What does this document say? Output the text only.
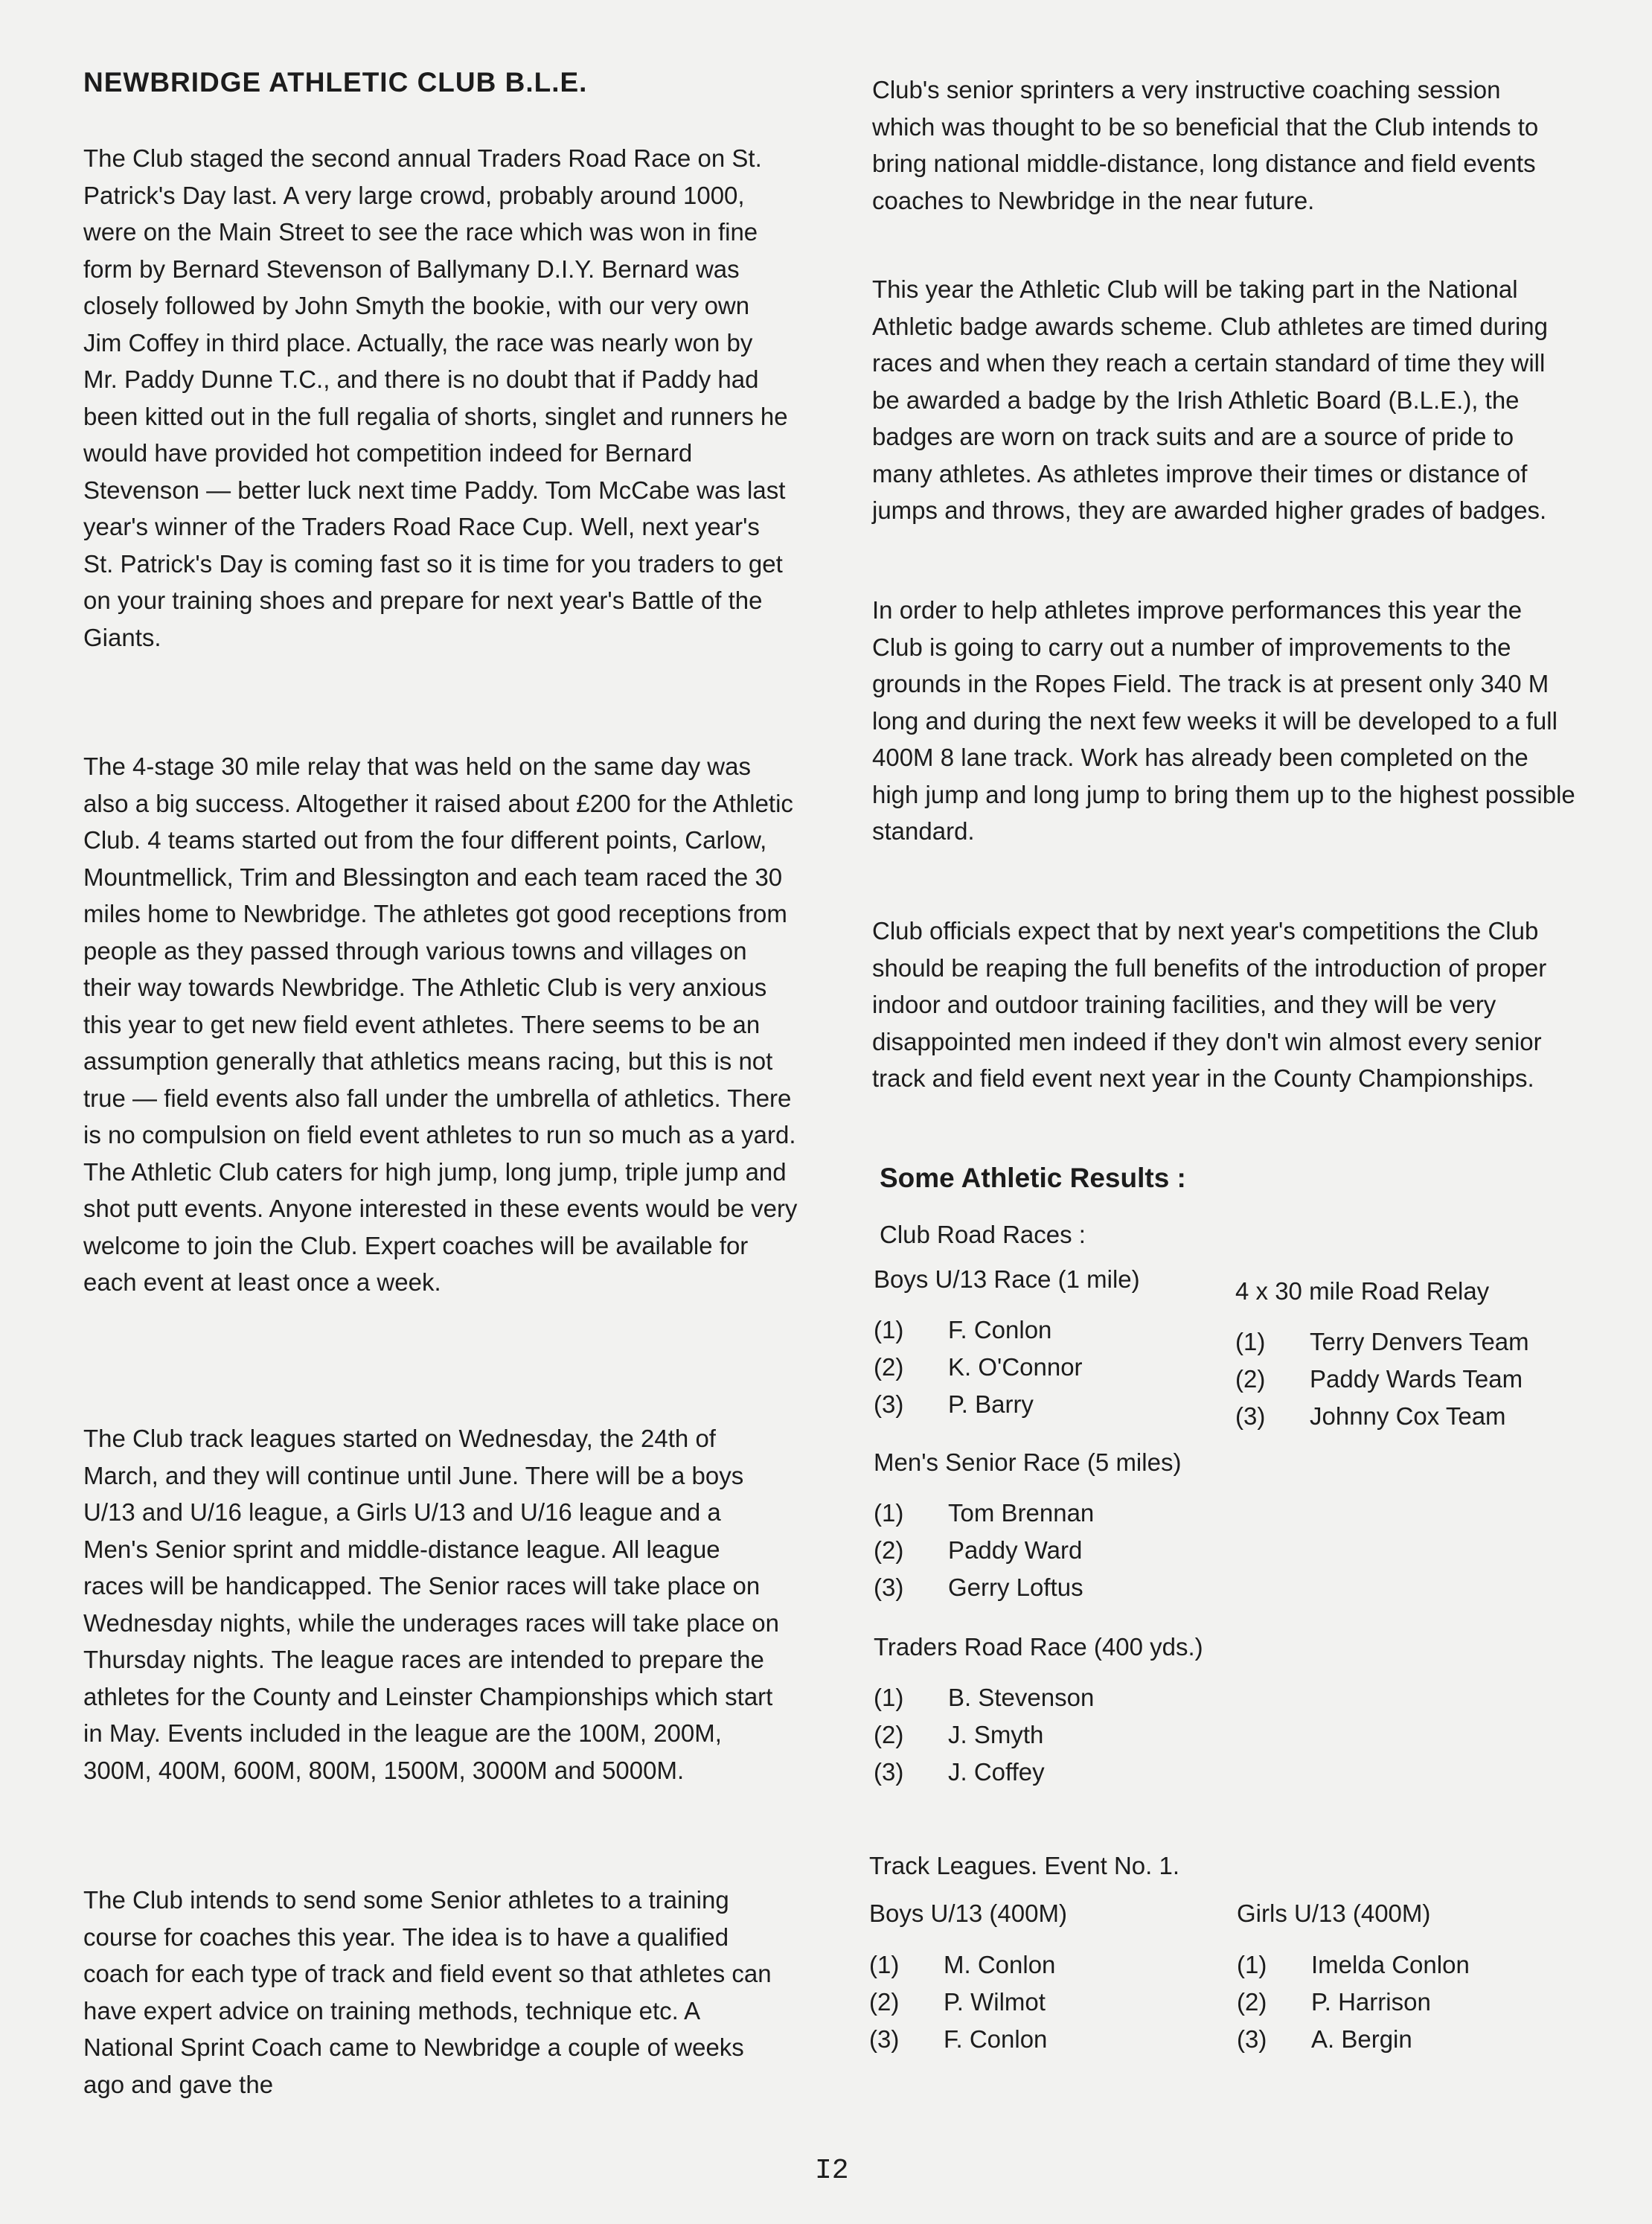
NEWBRIDGE ATHLETIC CLUB B.L.E.

The Club staged the second annual Traders Road Race on St. Patrick's Day last. A very large crowd, probably around 1000, were on the Main Street to see the race which was won in fine form by Bernard Stevenson of Ballymany D.I.Y. Bernard was closely followed by John Smyth the bookie, with our very own Jim Coffey in third place. Actually, the race was nearly won by Mr. Paddy Dunne T.C., and there is no doubt that if Paddy had been kitted out in the full regalia of shorts, singlet and runners he would have provided hot competition indeed for Bernard Stevenson — better luck next time Paddy. Tom McCabe was last year's winner of the Traders Road Race Cup. Well, next year's St. Patrick's Day is coming fast so it is time for you traders to get on your training shoes and prepare for next year's Battle of the Giants.

The 4-stage 30 mile relay that was held on the same day was also a big success. Altogether it raised about £200 for the Athletic Club. 4 teams started out from the four different points, Carlow, Mountmellick, Trim and Blessington and each team raced the 30 miles home to Newbridge. The athletes got good receptions from people as they passed through various towns and villages on their way towards Newbridge. The Athletic Club is very anxious this year to get new field event athletes. There seems to be an assumption generally that athletics means racing, but this is not true — field events also fall under the umbrella of athletics. There is no compulsion on field event athletes to run so much as a yard. The Athletic Club caters for high jump, long jump, triple jump and shot putt events. Anyone interested in these events would be very welcome to join the Club. Expert coaches will be available for each event at least once a week.

The Club track leagues started on Wednesday, the 24th of March, and they will continue until June. There will be a boys U/13 and U/16 league, a Girls U/13 and U/16 league and a Men's Senior sprint and middle-distance league. All league races will be handicapped. The Senior races will take place on Wednesday nights, while the underages races will take place on Thursday nights. The league races are intended to prepare the athletes for the County and Leinster Championships which start in May. Events included in the league are the 100M, 200M, 300M, 400M, 600M, 800M, 1500M, 3000M and 5000M.

The Club intends to send some Senior athletes to a training course for coaches this year. The idea is to have a qualified coach for each type of track and field event so that athletes can have expert advice on training methods, technique etc. A National Sprint Coach came to Newbridge a couple of weeks ago and gave the

Club's senior sprinters a very instructive coaching session which was thought to be so beneficial that the Club intends to bring national middle-distance, long distance and field events coaches to Newbridge in the near future.

This year the Athletic Club will be taking part in the National Athletic badge awards scheme. Club athletes are timed during races and when they reach a certain standard of time they will be awarded a badge by the Irish Athletic Board (B.L.E.), the badges are worn on track suits and are a source of pride to many athletes. As athletes improve their times or distance of jumps and throws, they are awarded higher grades of badges.

In order to help athletes improve performances this year the Club is going to carry out a number of improvements to the grounds in the Ropes Field. The track is at present only 340 M long and during the next few weeks it will be developed to a full 400M 8 lane track. Work has already been completed on the high jump and long jump to bring them up to the highest possible standard.

Club officials expect that by next year's competitions the Club should be reaping the full benefits of the introduction of proper indoor and outdoor training facilities, and they will be very disappointed men indeed if they don't win almost every senior track and field event next year in the County Championships.

Some Athletic Results :
Club Road Races :
Boys U/13 Race (1 mile)
(1) F. Conlon
(2) K. O'Connor
(3) P. Barry
4 x 30 mile Road Relay
(1) Terry Denvers Team
(2) Paddy Wards Team
(3) Johnny Cox Team
Men's Senior Race (5 miles)
(1) Tom Brennan
(2) Paddy Ward
(3) Gerry Loftus
Traders Road Race (400 yds.)
(1) B. Stevenson
(2) J. Smyth
(3) J. Coffey
Track Leagues. Event No. 1.
Boys U/13 (400M)
(1) M. Conlon
(2) P. Wilmot
(3) F. Conlon
Girls U/13 (400M)
(1) Imelda Conlon
(2) P. Harrison
(3) A. Bergin
I2
